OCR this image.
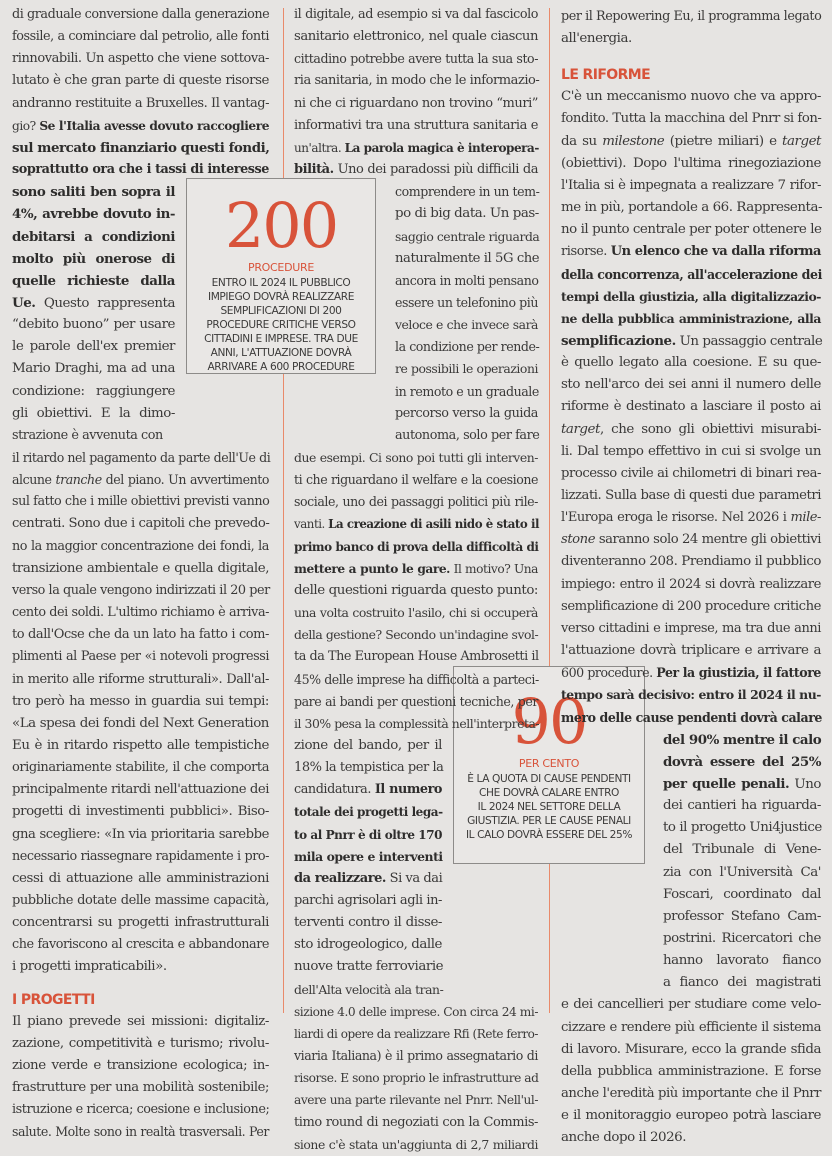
di graduale conversione dalla generazione
fossile, a cominciare dal petrolio, alle fonti
rinnovabili. Un aspetto che viene sottova-
lutato è che gran parte di queste risorse
andranno restituite a Bruxelles. Il vantag-
gio? Se l'Italia avesse dovuto raccogliere
sul mercato finanziario questi fondi,
soprattutto ora che i tassi di interesse
sono saliti ben sopra il
4%, avrebbe dovuto in-
debitarsi a condizioni
molto più onerose di
quelle richieste dalla
Ue. Questo rappresenta
“debito buono” per usare
le parole dell'ex premier
Mario Draghi, ma ad una
condizione: raggiungere
gli obiettivi. E la dimo-
strazione è avvenuta con
il ritardo nel pagamento da parte dell'Ue di
alcune tranche del piano. Un avvertimento
sul fatto che i mille obiettivi previsti vanno
centrati. Sono due i capitoli che prevedo-
no la maggior concentrazione dei fondi, la
transizione ambientale e quella digitale,
verso la quale vengono indirizzati il 20 per
cento dei soldi. L'ultimo richiamo è arriva-
to dall'Ocse che da un lato ha fatto i com-
plimenti al Paese per «i notevoli progressi
in merito alle riforme strutturali». Dall'al-
tro però ha messo in guardia sui tempi:
«La spesa dei fondi del Next Generation
Eu è in ritardo rispetto alle tempistiche
originariamente stabilite, il che comporta
principalmente ritardi nell'attuazione dei
progetti di investimenti pubblici». Biso-
gna scegliere: «In via prioritaria sarebbe
necessario riassegnare rapidamente i pro-
cessi di attuazione alle amministrazioni
pubbliche dotate delle massime capacità,
concentrarsi su progetti infrastrutturali
che favoriscono al crescita e abbandonare
i progetti impraticabili».
I PROGETTI
Il piano prevede sei missioni: digitaliz-
zazione, competitività e turismo; rivolu-
zione verde e transizione ecologica; in-
frastrutture per una mobilità sostenibile;
istruzione e ricerca; coesione e inclusione;
salute. Molte sono in realtà trasversali. Per
200
PROCEDURE
ENTRO IL 2024 IL PUBBLICO
IMPIEGO DOVRÀ REALIZZARE
SEMPLIFICAZIONI DI 200
PROCEDURE CRITICHE VERSO
CITTADINI E IMPRESE. TRA DUE
ANNI, L'ATTUAZIONE DOVRÀ
ARRIVARE A 600 PROCEDURE
90
PER CENTO
È LA QUOTA DI CAUSE PENDENTI
CHE DOVRÀ CALARE ENTRO
IL 2024 NEL SETTORE DELLA
GIUSTIZIA. PER LE CAUSE PENALI
IL CALO DOVRÀ ESSERE DEL 25%
il digitale, ad esempio si va dal fascicolo
sanitario elettronico, nel quale ciascun
cittadino potrebbe avere tutta la sua sto-
ria sanitaria, in modo che le informazio-
ni che ci riguardano non trovino “muri”
informativi tra una struttura sanitaria e
un'altra. La parola magica è interopera-
bilità. Uno dei paradossi più difficili da
comprendere in un tem-
po di big data. Un pas-
saggio centrale riguarda
naturalmente il 5G che
ancora in molti pensano
essere un telefonino più
veloce e che invece sarà
la condizione per rende-
re possibili le operazioni
in remoto e un graduale
percorso verso la guida
autonoma, solo per fare
due esempi. Ci sono poi tutti gli interven-
ti che riguardano il welfare e la coesione
sociale, uno dei passaggi politici più rile-
vanti. La creazione di asili nido è stato il
primo banco di prova della difficoltà di
mettere a punto le gare. Il motivo? Una
delle questioni riguarda questo punto:
una volta costruito l'asilo, chi si occuperà
della gestione? Secondo un'indagine svol-
ta da The European House Ambrosetti il
45% delle imprese ha difficoltà a parteci-
pare ai bandi per questioni tecniche, per
il 30% pesa la complessità nell'interpreta-
zione del bando, per il
18% la tempistica per la
candidatura. Il numero
totale dei progetti lega-
to al Pnrr è di oltre 170
mila opere e interventi
da realizzare. Si va dai
parchi agrisolari agli in-
terventi contro il disse-
sto idrogeologico, dalle
nuove tratte ferroviarie
dell'Alta velocità ala tran-
sizione 4.0 delle imprese. Con circa 24 mi-
liardi di opere da realizzare Rfi (Rete ferro-
viaria Italiana) è il primo assegnatario di
risorse. E sono proprio le infrastrutture ad
avere una parte rilevante nel Pnrr. Nell'ul-
timo round di negoziati con la Commis-
sione c'è stata un'aggiunta di 2,7 miliardi
per il Repowering Eu, il programma legato
all'energia.
LE RIFORME
C'è un meccanismo nuovo che va appro-
fondito. Tutta la macchina del Pnrr si fon-
da su milestone (pietre miliari) e target
(obiettivi). Dopo l'ultima rinegoziazione
l'Italia si è impegnata a realizzare 7 rifor-
me in più, portandole a 66. Rappresenta-
no il punto centrale per poter ottenere le
risorse. Un elenco che va dalla riforma
della concorrenza, all'accelerazione dei
tempi della giustizia, alla digitalizzazio-
ne della pubblica amministrazione, alla
semplificazione. Un passaggio centrale
è quello legato alla coesione. E su que-
sto nell'arco dei sei anni il numero delle
riforme è destinato a lasciare il posto ai
target, che sono gli obiettivi misurabi-
li. Dal tempo effettivo in cui si svolge un
processo civile ai chilometri di binari rea-
lizzati. Sulla base di questi due parametri
l'Europa eroga le risorse. Nel 2026 i mile-
stone saranno solo 24 mentre gli obiettivi
diventeranno 208. Prendiamo il pubblico
impiego: entro il 2024 si dovrà realizzare
semplificazione di 200 procedure critiche
verso cittadini e imprese, ma tra due anni
l'attuazione dovrà triplicare e arrivare a
600 procedure. Per la giustizia, il fattore
tempo sarà decisivo: entro il 2024 il nu-
mero delle cause pendenti dovrà calare
del 90% mentre il calo
dovrà essere del 25%
per quelle penali. Uno
dei cantieri ha riguarda-
to il progetto Uni4justice
del Tribunale di Vene-
zia con l'Università Ca'
Foscari, coordinato dal
professor Stefano Cam-
postrini. Ricercatori che
hanno lavorato fianco
a fianco dei magistrati
e dei cancellieri per studiare come velo-
cizzare e rendere più efficiente il sistema
di lavoro. Misurare, ecco la grande sfida
della pubblica amministrazione. E forse
anche l'eredità più importante che il Pnrr
e il monitoraggio europeo potrà lasciare
anche dopo il 2026.
